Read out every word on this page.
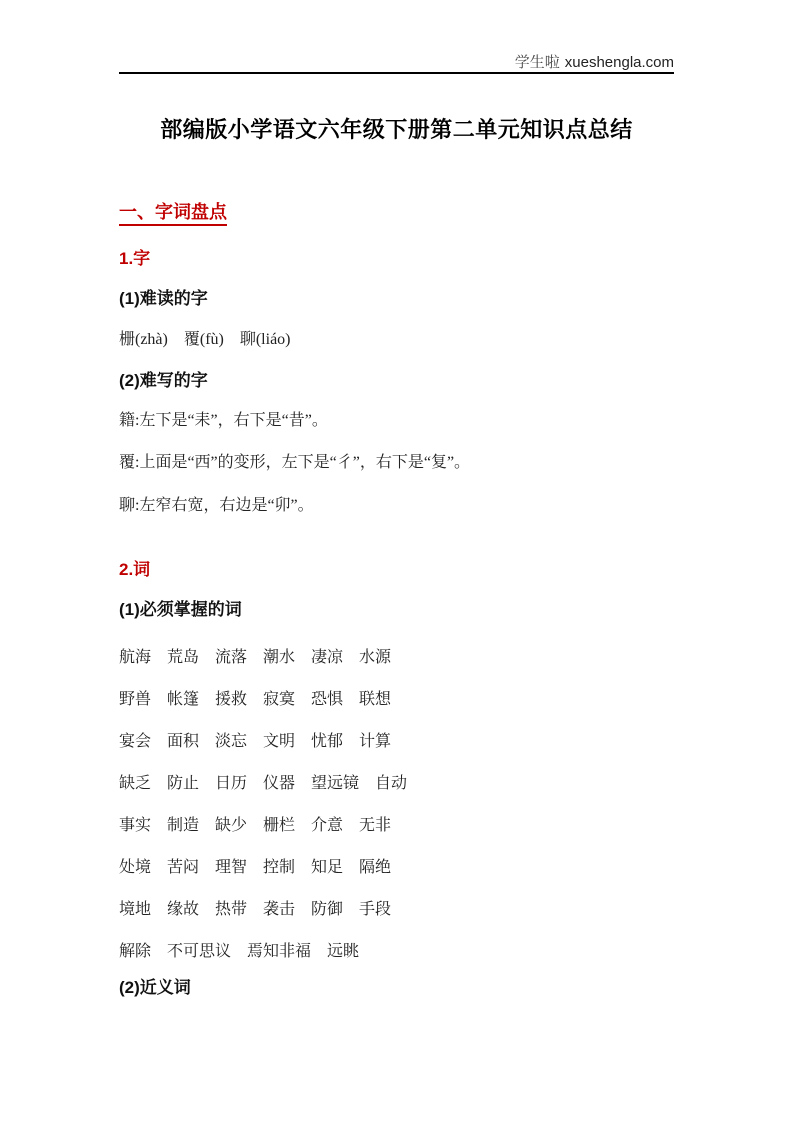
学生啦 xueshengla.com
部编版小学语文六年级下册第二单元知识点总结
一、字词盘点
1.字
(1)难读的字
栅(zhà)　覆(fù)　聊(liáo)
(2)难写的字
籍:左下是“耒”，右下是“昔”。
覆:上面是“西”的变形，左下是“彳”，右下是“复”。
聊:左窄右宽，右边是“卯”。
2.词
(1)必须掌握的词
航海　荒岛　流落　潮水　凄凉　水源
野兽　帐篷　援救　寂寞　恐惧　联想
宴会　面积　淡忘　文明　忧郁　计算
缺乏　防止　日历　仪器　望远镜　自动
事实　制造　缺少　栅栏　介意　无非
处境　苦闷　理智　控制　知足　隔绝
境地　缘故　热带　袭击　防御　手段
解除　不可思议　焉知非福　远眺
(2)近义词
